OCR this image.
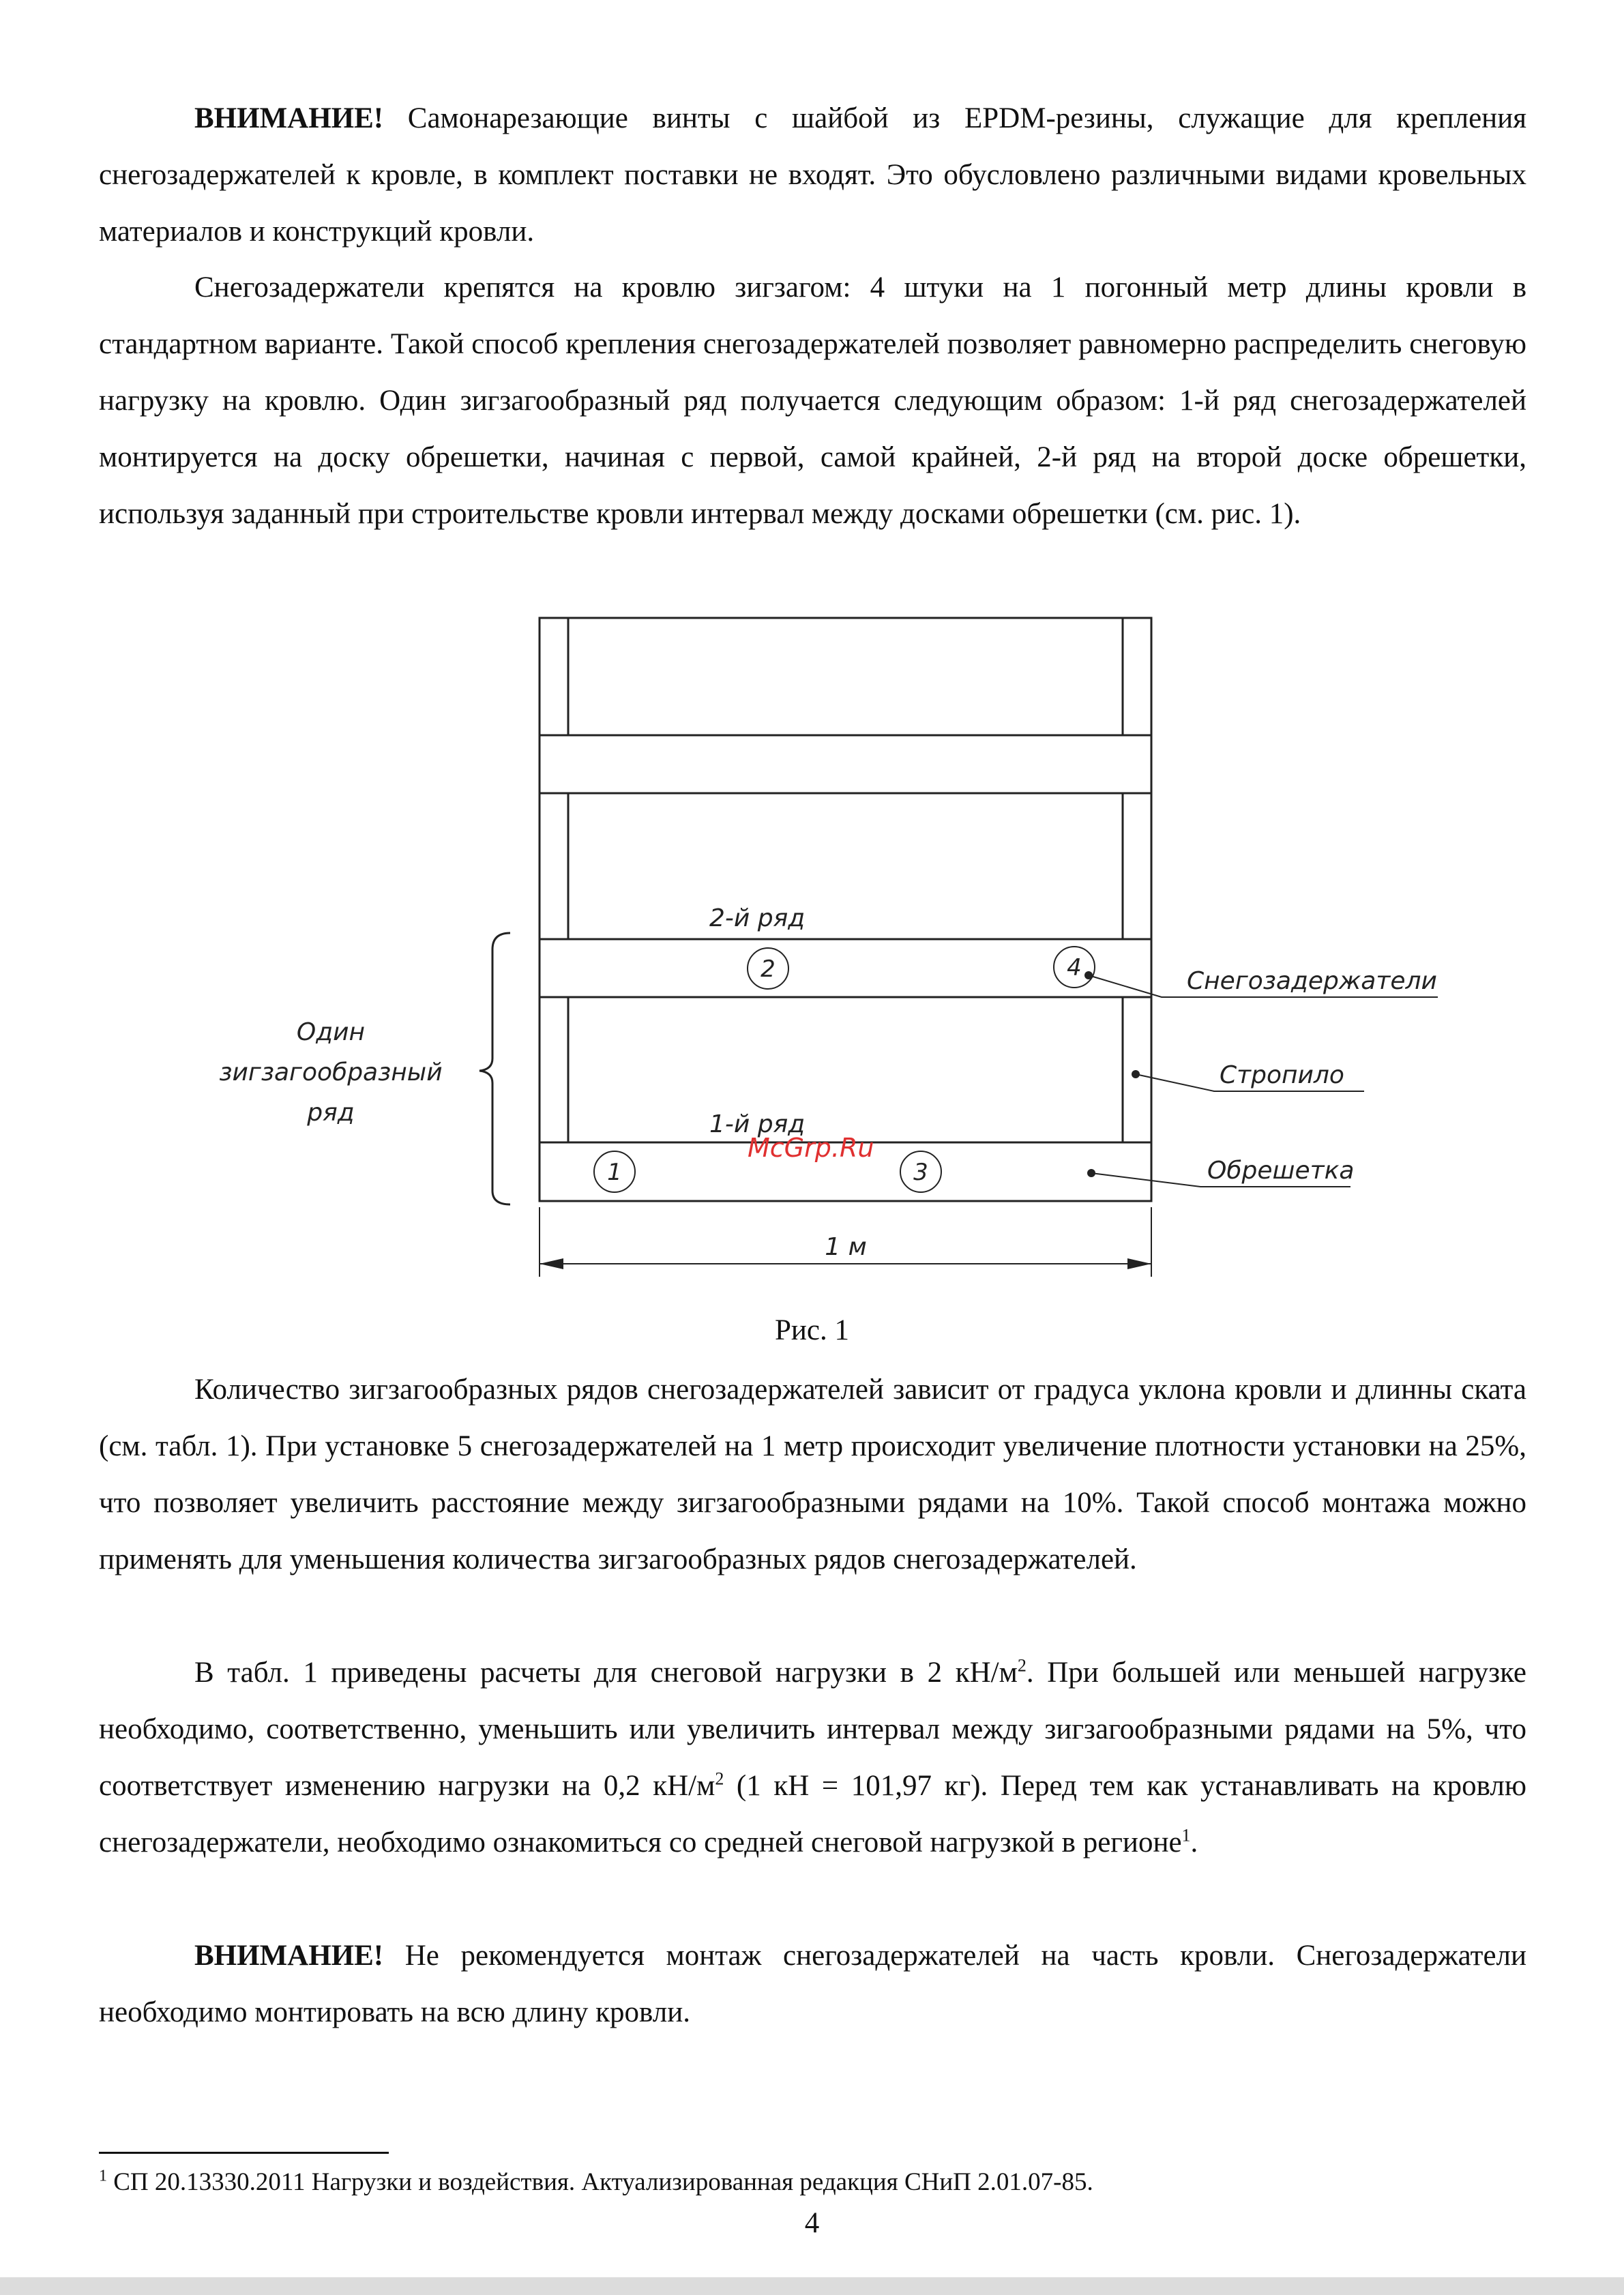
ВНИМАНИЕ! Самонарезающие винты с шайбой из EPDM-резины, служащие для крепления снегозадержателей к кровле, в комплект поставки не входят. Это обусловлено различными видами кровельных материалов и конструкций кровли.

Снегозадержатели крепятся на кровлю зигзагом: 4 штуки на 1 погонный метр длины кровли в стандартном варианте. Такой способ крепления снегозадержателей позволяет равномерно распределить снеговую нагрузку на кровлю. Один зигзагообразный ряд получается следующим образом: 1-й ряд снегозадержателей монтируется на доску обрешетки, начиная с первой, самой крайней, 2-й ряд на второй доске обрешетки, используя заданный при строительстве кровли интервал между досками обрешетки (см. рис. 1).

2	4
1	3
2-й ряд
1-й ряд
McGrp.Ru
Один
зигзагообразный
ряд
Снегозадержатели
Стропило
Обрешетка
1 м
Рис. 1

Количество зигзагообразных рядов снегозадержателей зависит от градуса уклона кровли и длинны ската (см. табл. 1). При установке 5 снегозадержателей на 1 метр происходит увеличение плотности установки на 25%, что позволяет увеличить расстояние между зигзагообразными рядами на 10%. Такой способ монтажа можно применять для уменьшения количества зигзагообразных рядов снегозадержателей.

В табл. 1 приведены расчеты для снеговой нагрузки в 2 $кН/м^2$. При большей или меньшей нагрузке необходимо, соответственно, уменьшить или увеличить интервал между зигзагообразными рядами на 5%, что соответствует изменению нагрузки на 0,2 $кН/м^2$ (1 кН = 101,97 кг). Перед тем как устанавливать на кровлю снегозадержатели, необходимо ознакомиться со средней снеговой нагрузкой в регионе$^1$.

ВНИМАНИЕ! Не рекомендуется монтаж снегозадержателей на часть кровли. Снегозадержатели необходимо монтировать на всю длину кровли.

$^1$ СП 20.13330.2011 Нагрузки и воздействия. Актуализированная редакция СНиП 2.01.07-85.
4
